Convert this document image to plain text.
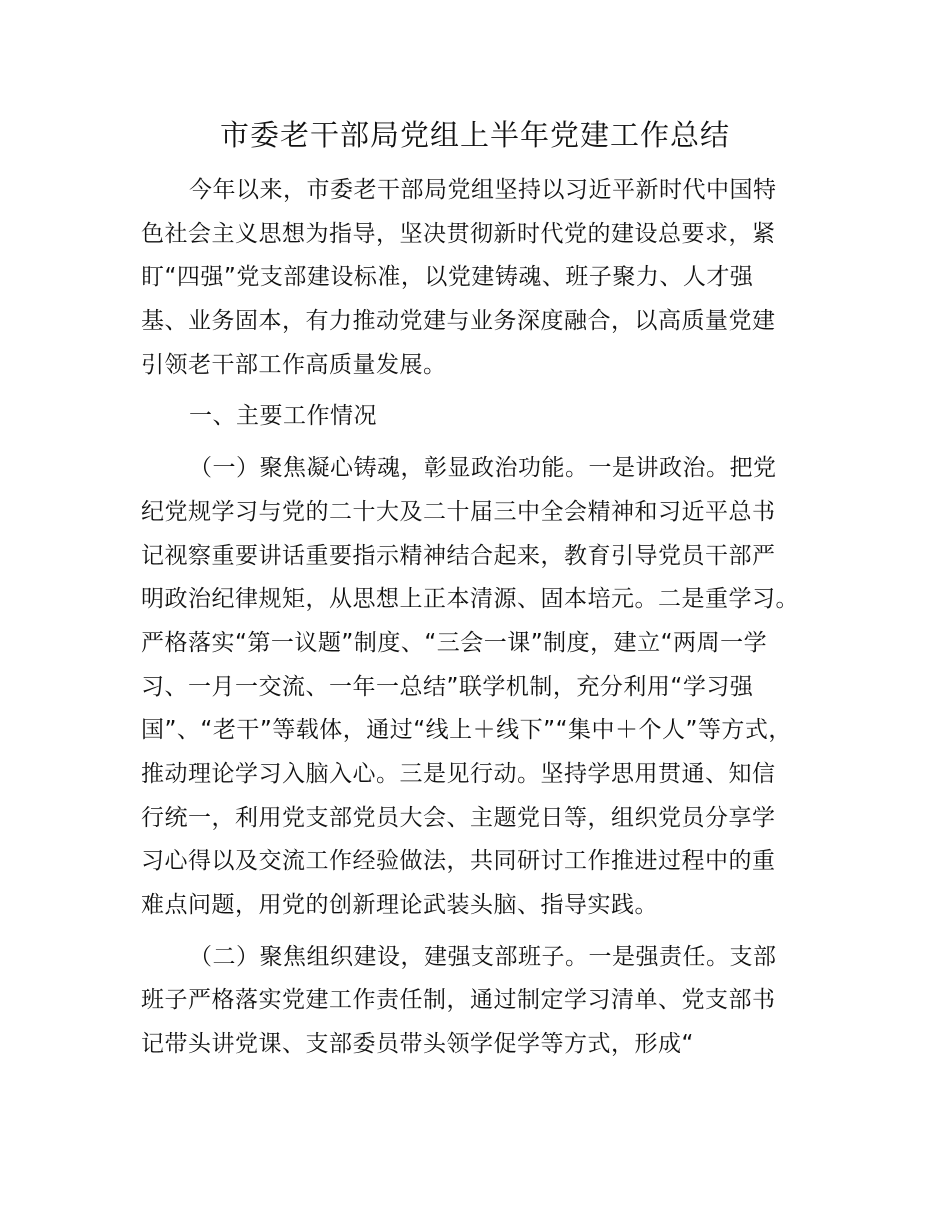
市委老干部局党组上半年党建工作总结
今年以来，市委老干部局党组坚持以习近平新时代中国特
色社会主义思想为指导，坚决贯彻新时代党的建设总要求，紧
盯“四强”党支部建设标准，以党建铸魂、班子聚力、人才强
基、业务固本，有力推动党建与业务深度融合，以高质量党建
引领老干部工作高质量发展。
一、主要工作情况
（一）聚焦凝心铸魂，彰显政治功能。一是讲政治。把党
纪党规学习与党的二十大及二十届三中全会精神和习近平总书
记视察重要讲话重要指示精神结合起来，教育引导党员干部严
明政治纪律规矩，从思想上正本清源、固本培元。二是重学习。
严格落实“第一议题”制度、“三会一课”制度，建立“两周一学
习、一月一交流、一年一总结”联学机制，充分利用“学习强
国”、“老干”等载体，通过“线上＋线下”“集中＋个人”等方式，
推动理论学习入脑入心。三是见行动。坚持学思用贯通、知信
行统一，利用党支部党员大会、主题党日等，组织党员分享学
习心得以及交流工作经验做法，共同研讨工作推进过程中的重
难点问题，用党的创新理论武装头脑、指导实践。
（二）聚焦组织建设，建强支部班子。一是强责任。支部
班子严格落实党建工作责任制，通过制定学习清单、党支部书
记带头讲党课、支部委员带头领学促学等方式，形成“
